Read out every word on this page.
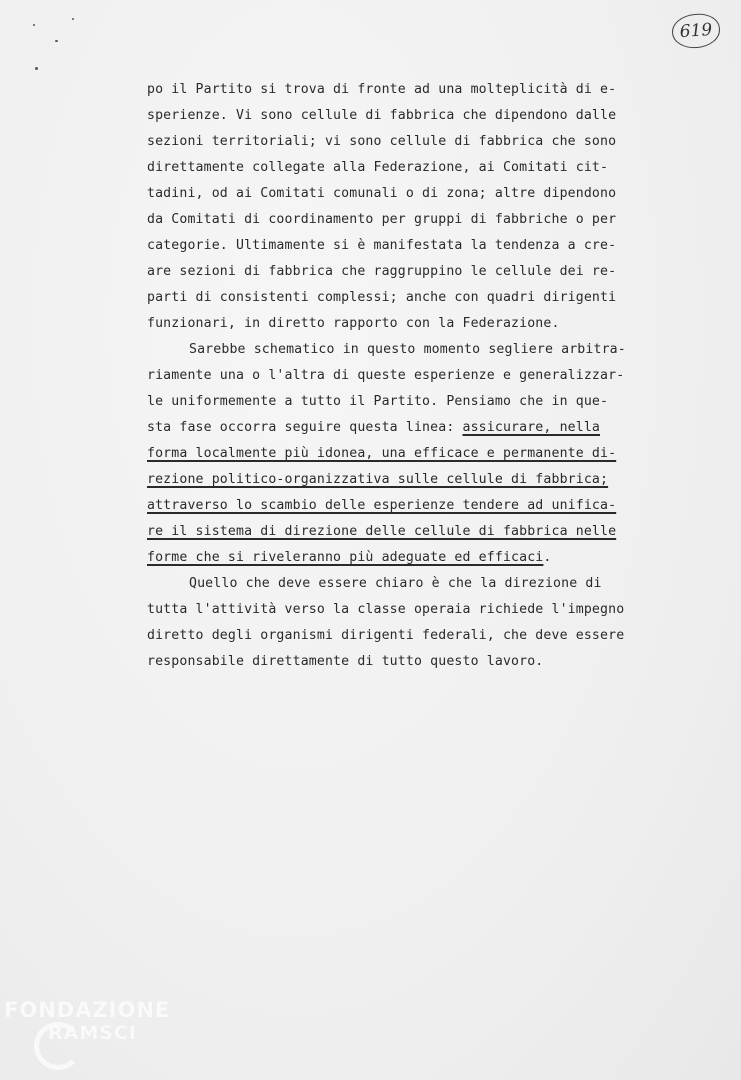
619
po il Partito si trova di fronte ad una molteplicità di e-
sperienze. Vi sono cellule di fabbrica che dipendono dalle
sezioni territoriali; vi sono cellule di fabbrica che sono
direttamente collegate alla Federazione, ai Comitati cit-
tadini, od ai Comitati comunali o di zona; altre dipendono
da Comitati di coordinamento per gruppi di fabbriche o per
categorie. Ultimamente si è manifestata la tendenza a cre-
are sezioni di fabbrica che raggruppino le cellule dei re-
parti di consistenti complessi; anche con quadri dirigenti
funzionari, in diretto rapporto con la Federazione.
Sarebbe schematico in questo momento segliere arbitra-
riamente una o l'altra di queste esperienze e generalizzar-
le uniformemente a tutto il Partito. Pensiamo che in que-
sta fase occorra seguire questa linea: assicurare, nella
forma localmente più idonea, una efficace e permanente di-
rezione politico-organizzativa sulle cellule di fabbrica;
attraverso lo scambio delle esperienze tendere ad unifica-
re il sistema di direzione delle cellule di fabbrica nelle
forme che si riveleranno più adeguate ed efficaci.
Quello che deve essere chiaro è che la direzione di
tutta l'attività verso la classe operaia richiede l'impegno
diretto degli organismi dirigenti federali, che deve essere
responsabile direttamente di tutto questo lavoro.
FONDAZIONE
RAMSCI
